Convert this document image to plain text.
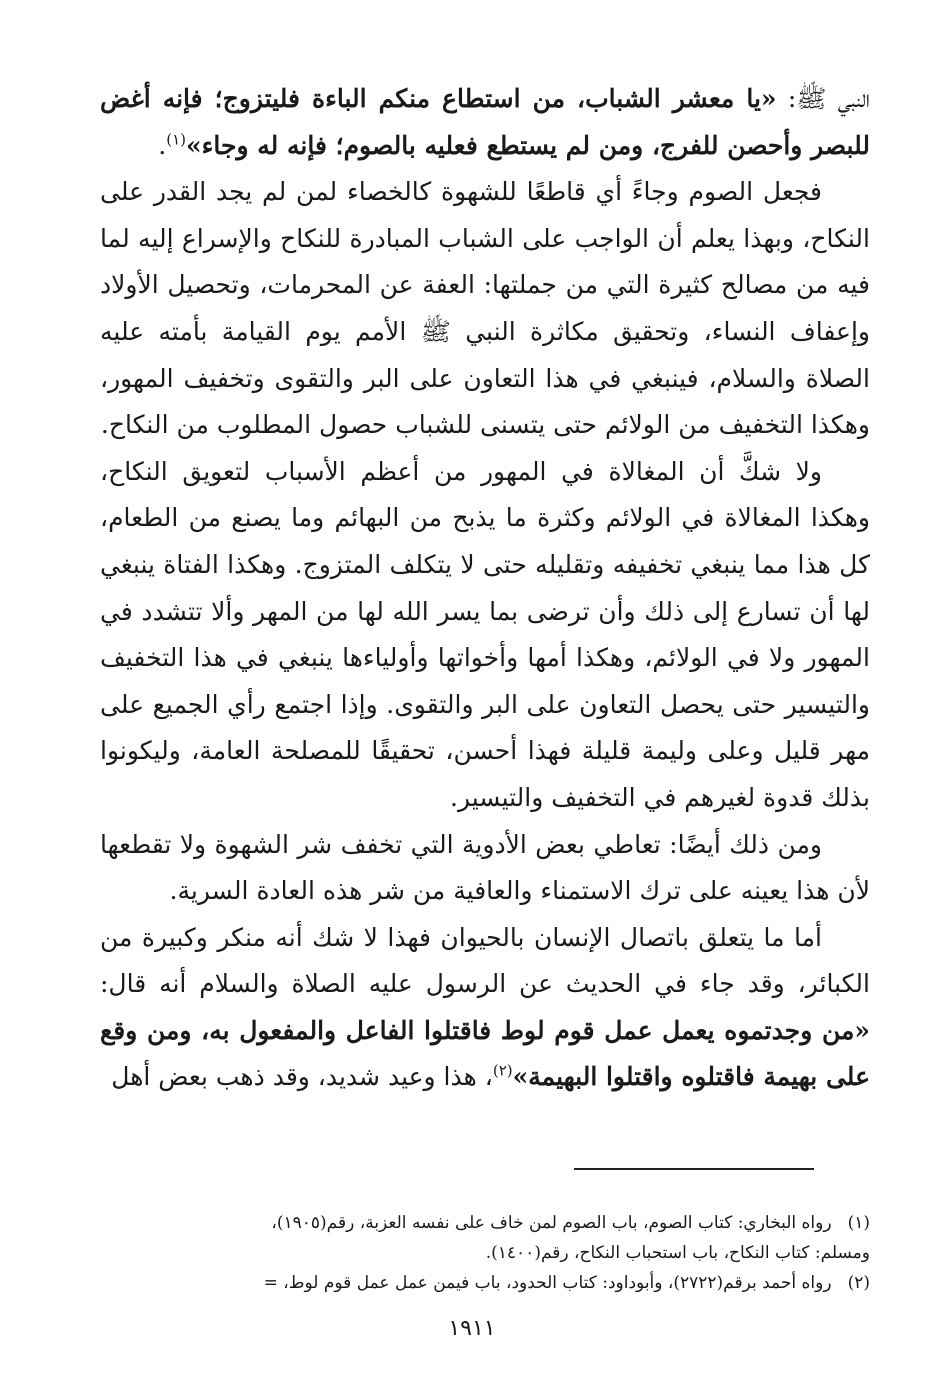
النبي ﷺ: «يا معشر الشباب، من استطاع منكم الباءة فليتزوج؛ فإنه أغض للبصر وأحصن للفرج، ومن لم يستطع فعليه بالصوم؛ فإنه له وجاء»$^{(١)}$.

فجعل الصوم وجاءً أي قاطعًا للشهوة كالخصاء لمن لم يجد القدر على النكاح، وبهذا يعلم أن الواجب على الشباب المبادرة للنكاح والإسراع إليه لما فيه من مصالح كثيرة التي من جملتها: العفة عن المحرمات، وتحصيل الأولاد وإعفاف النساء، وتحقيق مكاثرة النبي ﷺ الأمم يوم القيامة بأمته عليه الصلاة والسلام، فينبغي في هذا التعاون على البر والتقوى وتخفيف المهور، وهكذا التخفيف من الولائم حتى يتسنى للشباب حصول المطلوب من النكاح.

ولا شكَّ أن المغالاة في المهور من أعظم الأسباب لتعويق النكاح، وهكذا المغالاة في الولائم وكثرة ما يذبح من البهائم وما يصنع من الطعام، كل هذا مما ينبغي تخفيفه وتقليله حتى لا يتكلف المتزوج. وهكذا الفتاة ينبغي لها أن تسارع إلى ذلك وأن ترضى بما يسر الله لها من المهر وألا تتشدد في المهور ولا في الولائم، وهكذا أمها وأخواتها وأولياءها ينبغي في هذا التخفيف والتيسير حتى يحصل التعاون على البر والتقوى. وإذا اجتمع رأي الجميع على مهر قليل وعلى وليمة قليلة فهذا أحسن، تحقيقًا للمصلحة العامة، وليكونوا بذلك قدوة لغيرهم في التخفيف والتيسير.

ومن ذلك أيضًا: تعاطي بعض الأدوية التي تخفف شر الشهوة ولا تقطعها لأن هذا يعينه على ترك الاستمناء والعافية من شر هذه العادة السرية.

أما ما يتعلق باتصال الإنسان بالحيوان فهذا لا شك أنه منكر وكبيرة من الكبائر، وقد جاء في الحديث عن الرسول عليه الصلاة والسلام أنه قال: «من وجدتموه يعمل عمل قوم لوط فاقتلوا الفاعل والمفعول به، ومن وقع على بهيمة فاقتلوه واقتلوا البهيمة»$^{(٢)}$، هذا وعيد شديد، وقد ذهب بعض أهل

(١)رواه البخاري: كتاب الصوم، باب الصوم لمن خاف على نفسه العزبة، رقم(١٩٠٥)،

ومسلم: كتاب النكاح، باب استحباب النكاح، رقم(١٤٠٠).

(٢)رواه أحمد برقم(٢٧٢٢)، وأبوداود: كتاب الحدود، باب فيمن عمل عمل قوم لوط، =

١٩١١
